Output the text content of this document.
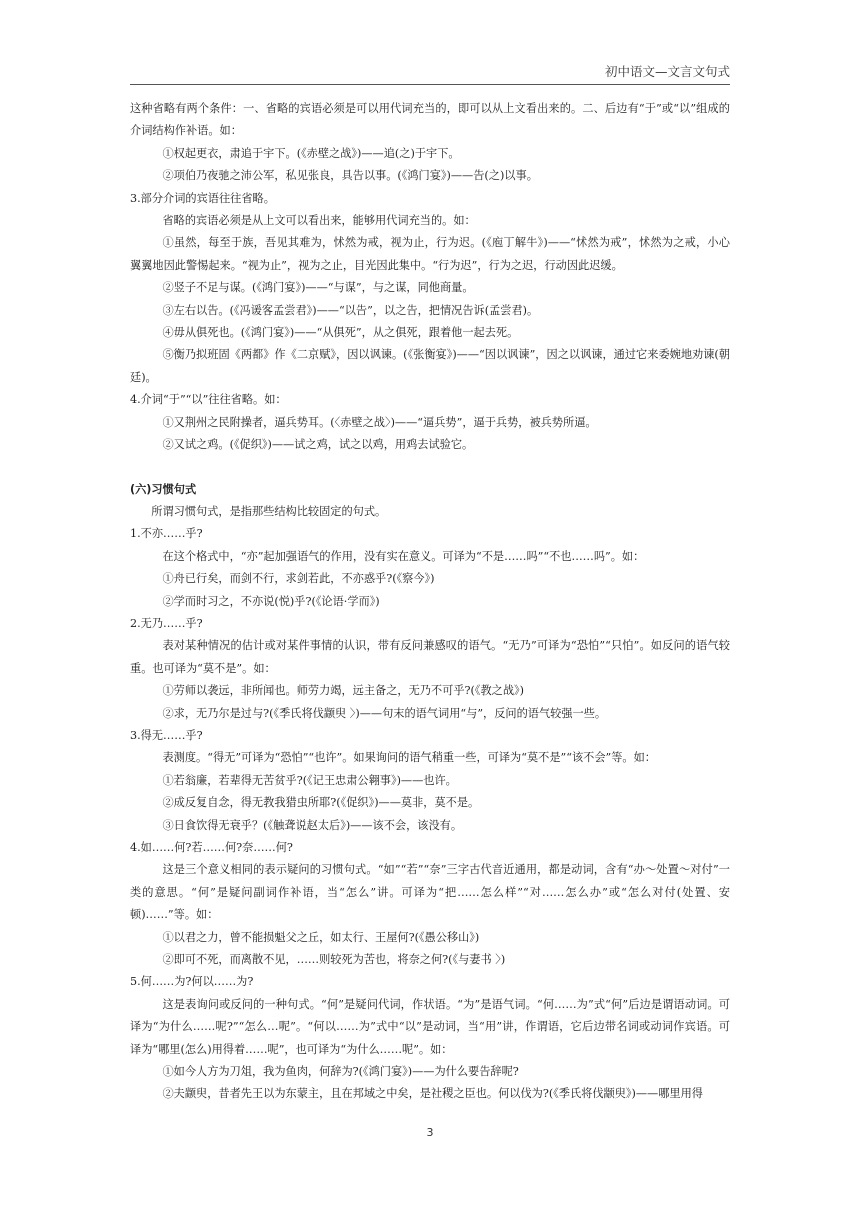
初中语文—文言文句式

这种省略有两个条件：一、省略的宾语必须是可以用代词充当的，即可以从上文看出来的。二、后边有“于”或“以”组成的介词结构作补语。如：

①权起更衣，肃追于宇下。(《赤壁之战》)——追(之)于宇下。

②项伯乃夜驰之沛公军，私见张良，具告以事。(《鸿门宴》)——告(之)以事。

3.部分介词的宾语往往省略。

省略的宾语必须是从上文可以看出来，能够用代词充当的。如：

①虽然，每至于族，吾见其难为，怵然为戒，视为止，行为迟。(《庖丁解牛》)——“怵然为戒”，怵然为之戒，小心翼翼地因此警惕起来。“视为止”，视为之止，目光因此集中。“行为迟”，行为之迟，行动因此迟缓。

②竖子不足与谋。(《鸿门宴》)——“与谋”，与之谋，同他商量。

③左右以告。(《冯谖客孟尝君》)——“以告”，以之告，把情况告诉(孟尝君)。

④毋从俱死也。(《鸿门宴》)——“从俱死”，从之俱死，跟着他一起去死。

⑤衡乃拟班固《两都》作《二京赋》，因以讽谏。(《张衡宴》)——“因以讽谏”，因之以讽谏，通过它来委婉地劝谏(朝廷)。

4.介词“于”“以”往往省略。如：

①又荆州之民附操者，逼兵势耳。(〈赤壁之战〉)——“逼兵势”，逼于兵势，被兵势所逼。

②又试之鸡。(《促织》)——试之鸡，试之以鸡，用鸡去试验它。

(六)习惯句式

所谓习惯句式，是指那些结构比较固定的句式。

1.不亦……乎?

在这个格式中，“亦”起加强语气的作用，没有实在意义。可译为“不是……吗”“不也……吗”。如：

①舟已行矣，而剑不行，求剑若此，不亦惑乎?(《察今》)

②学而时习之，不亦说(悦)乎?(《论语·学而》)

2.无乃……乎?

表对某种情况的估计或对某件事情的认识，带有反问兼感叹的语气。“无乃”可译为“恐怕”“只怕”。如反问的语气较重。也可译为“莫不是”。如：

①劳师以袭远，非所闻也。师劳力竭，远主备之，无乃不可乎?(《教之战》)

②求，无乃尔是过与?(《季氏将伐颛臾 〉)——句末的语气词用“与”，反问的语气较强一些。

3.得无……乎?

表测度。“得无”可译为“恐怕”“也许”。如果询问的语气稍重一些，可译为“莫不是”“该不会”等。如：

①若翁廉，若辈得无苦贫乎?(《记王忠肃公翱事》)——也许。

②成反复自念，得无教我猎虫所耶?(《促织》)——莫非，莫不是。

③日食饮得无衰乎？(《触聋说赵太后》)——该不会，该没有。

4.如……何?若……何?奈……何?

这是三个意义相同的表示疑问的习惯句式。“如”“若”“奈”三字古代音近通用，都是动词，含有“办～处置～对付”一类的意思。“何”是疑问副词作补语，当“怎么”讲。可译为“把……怎么样”“对……怎么办”或“怎么对付(处置、安顿)……”等。如：

①以君之力，曾不能损魁父之丘，如太行、王屋何?(《愚公移山》)

②即可不死，而离散不见，……则较死为苦也，将奈之何?(《与妻书 〉)

5.何……为?何以……为?

这是表询问或反问的一种句式。“何”是疑问代词，作状语。“为”是语气词。“何……为”式“何”后边是谓语动词。可译为“为什么……呢?”“怎么…呢”。“何以……为”式中“以”是动词，当“用”讲，作谓语，它后边带名词或动词作宾语。可译为“哪里(怎么)用得着……呢”，也可译为“为什么……呢”。如：

①如今人方为刀俎，我为鱼肉，何辞为?(《鸿门宴》)——为什么要告辞呢?

②夫颛臾，昔者先王以为东蒙主，且在邦域之中矣，是社稷之臣也。何以伐为?(《季氏将伐颛臾》)——哪里用得

3
